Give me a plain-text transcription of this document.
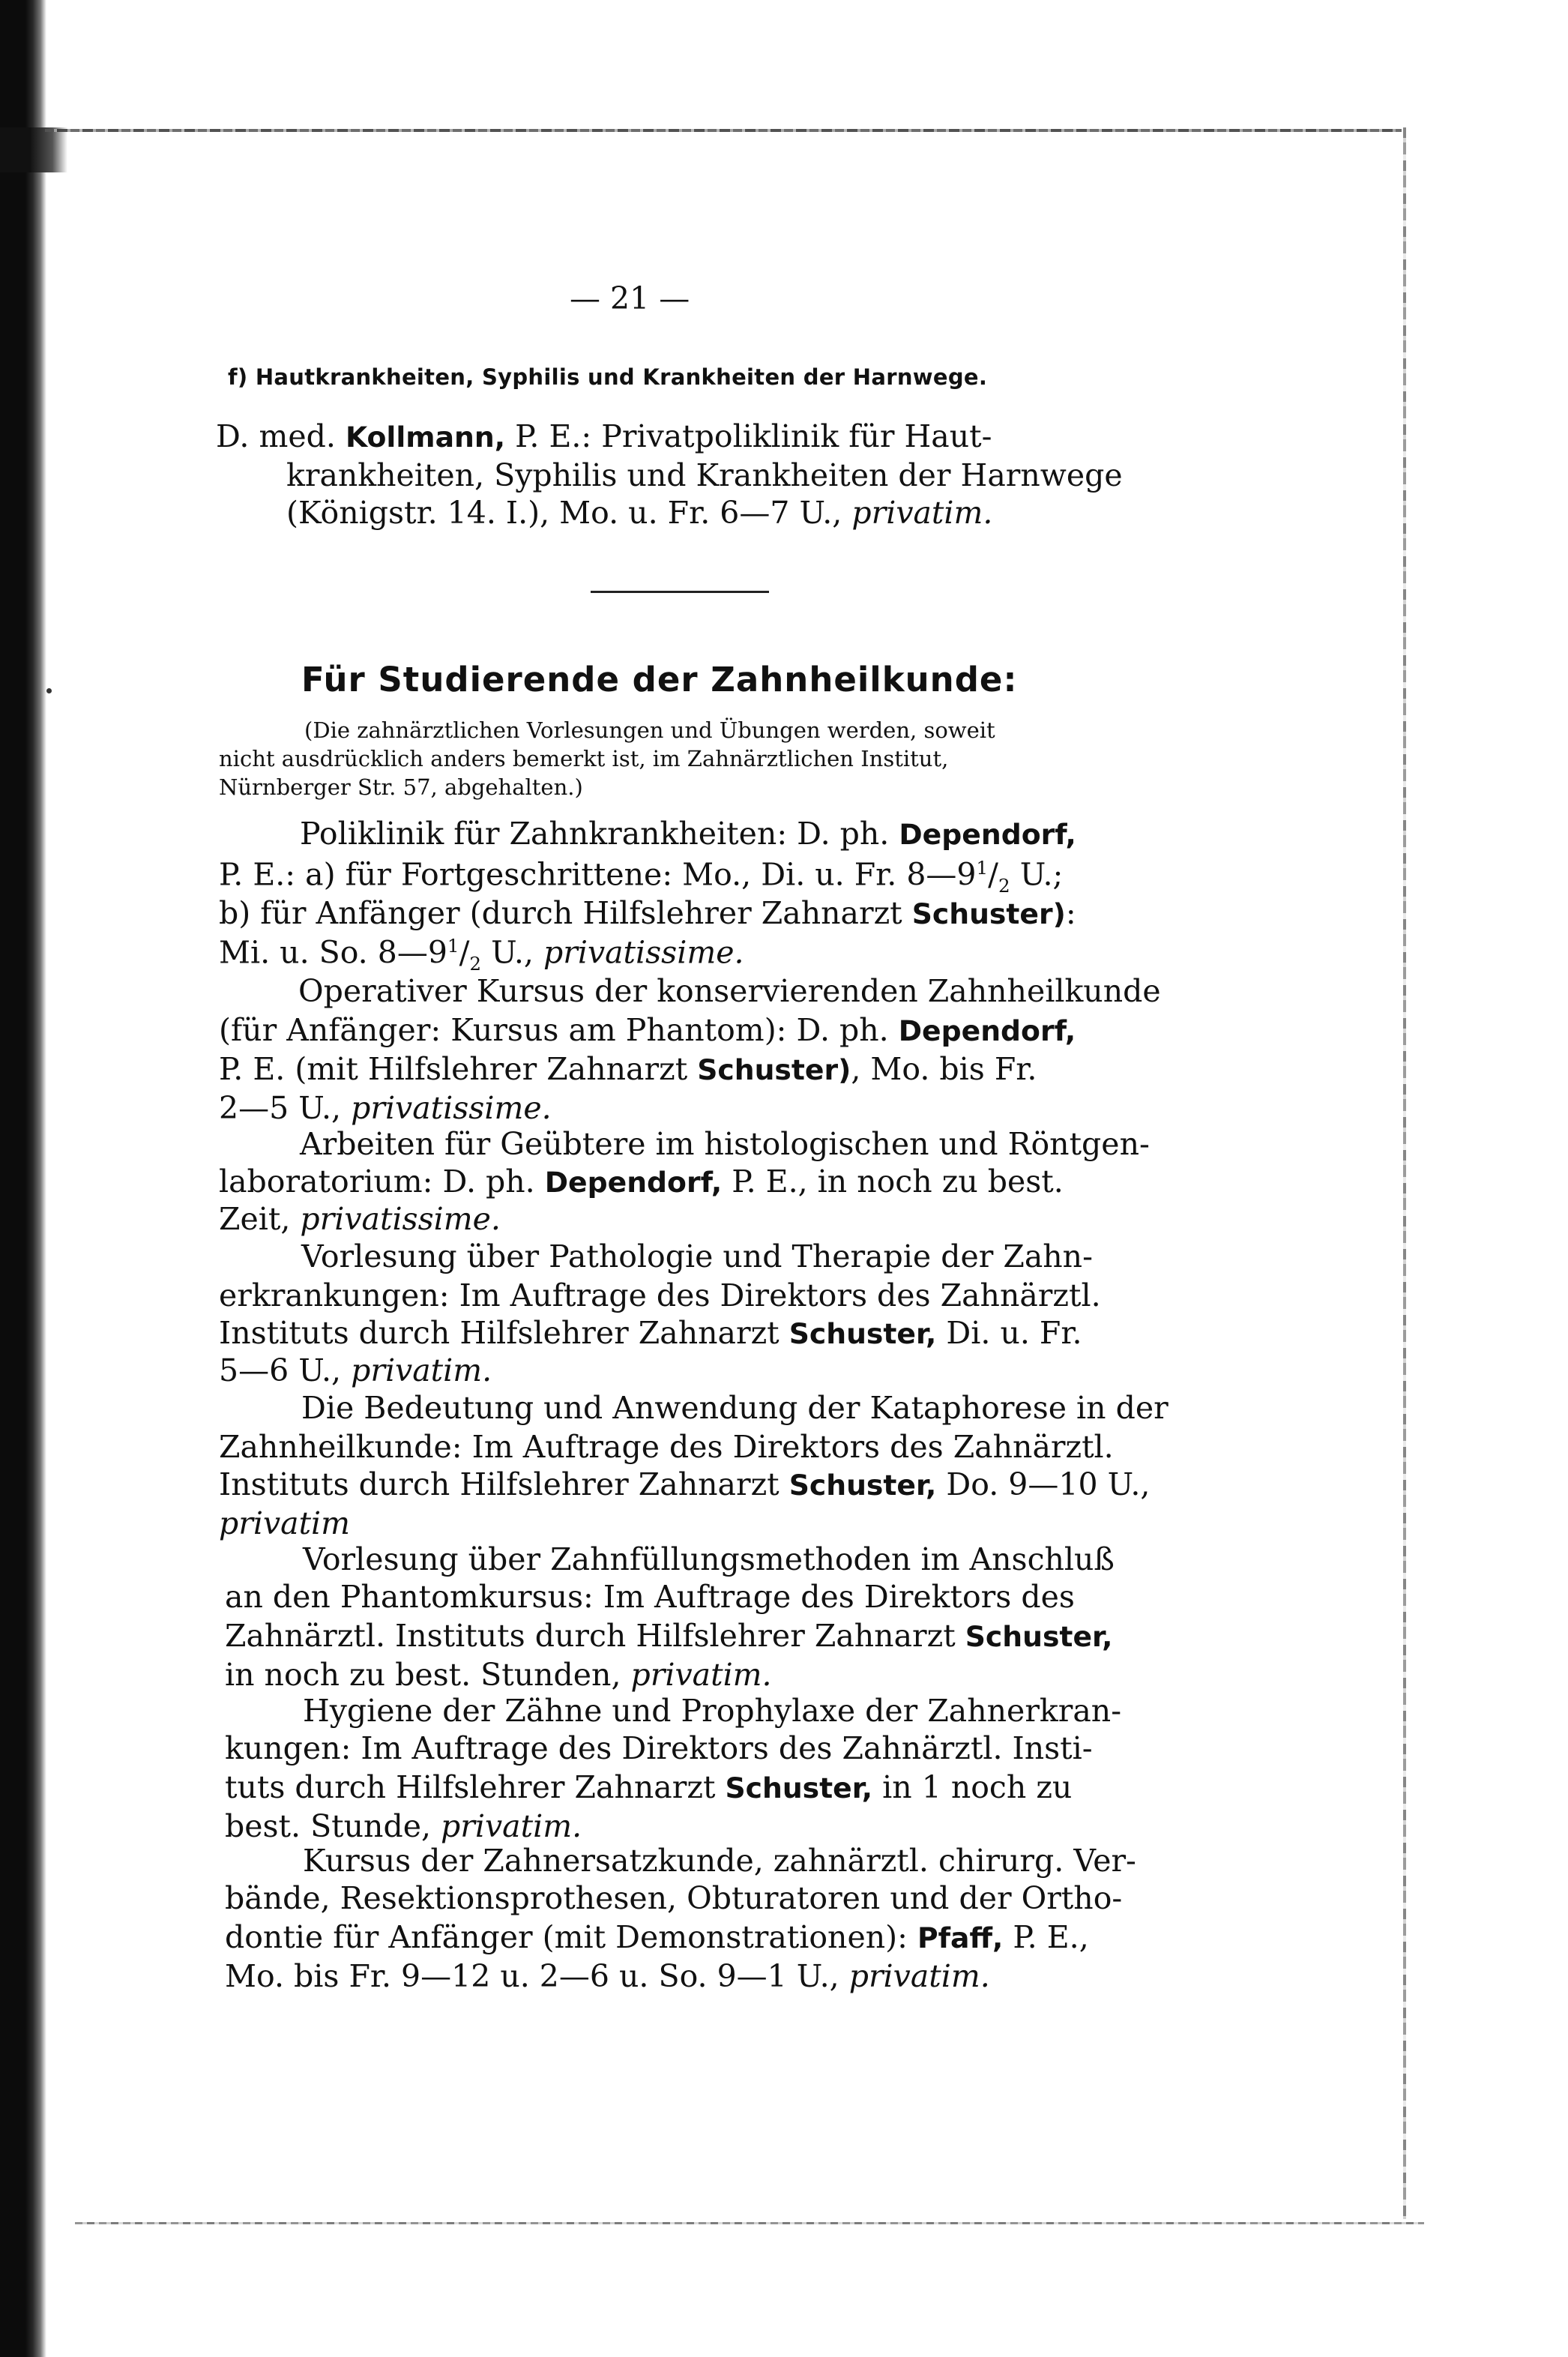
— 21 —
f) Hautkrankheiten, Syphilis und Krankheiten der Harnwege.
D. med. Kollmann, P. E.: Privatpoliklinik für Haut-
krankheiten, Syphilis und Krankheiten der Harnwege
(Königstr. 14. I.), Mo. u. Fr. 6—7 U., privatim.
Für Studierende der Zahnheilkunde:
(Die zahnärztlichen Vorlesungen und Übungen werden, soweit
nicht ausdrücklich anders bemerkt ist, im Zahnärztlichen Institut,
Nürnberger Str. 57, abgehalten.)
Poliklinik für Zahnkrankheiten: D. ph. Dependorf,
P. E.: a) für Fortgeschrittene: Mo., Di. u. Fr. $8—9^1/_2$ U.;
b) für Anfänger (durch Hilfslehrer Zahnarzt Schuster):
Mi. u. So. $8—9^1/_2$ U., privatissime.
Operativer Kursus der konservierenden Zahnheilkunde
(für Anfänger: Kursus am Phantom): D. ph. Dependorf,
P. E. (mit Hilfslehrer Zahnarzt Schuster), Mo. bis Fr.
2—5 U., privatissime.
Arbeiten für Geübtere im histologischen und Röntgen-
laboratorium: D. ph. Dependorf, P. E., in noch zu best.
Zeit, privatissime.
Vorlesung über Pathologie und Therapie der Zahn-
erkrankungen: Im Auftrage des Direktors des Zahnärztl.
Instituts durch Hilfslehrer Zahnarzt Schuster, Di. u. Fr.
5—6 U., privatim.
Die Bedeutung und Anwendung der Kataphorese in der
Zahnheilkunde: Im Auftrage des Direktors des Zahnärztl.
Instituts durch Hilfslehrer Zahnarzt Schuster, Do. 9—10 U.,
privatim
Vorlesung über Zahnfüllungsmethoden im Anschluß
an den Phantomkursus: Im Auftrage des Direktors des
Zahnärztl. Instituts durch Hilfslehrer Zahnarzt Schuster,
in noch zu best. Stunden, privatim.
Hygiene der Zähne und Prophylaxe der Zahnerkran-
kungen: Im Auftrage des Direktors des Zahnärztl. Insti-
tuts durch Hilfslehrer Zahnarzt Schuster, in 1 noch zu
best. Stunde, privatim.
Kursus der Zahnersatzkunde, zahnärztl. chirurg. Ver-
bände, Resektionsprothesen, Obturatoren und der Ortho-
dontie für Anfänger (mit Demonstrationen): Pfaff, P. E.,
Mo. bis Fr. 9—12 u. 2—6 u. So. 9—1 U., privatim.
